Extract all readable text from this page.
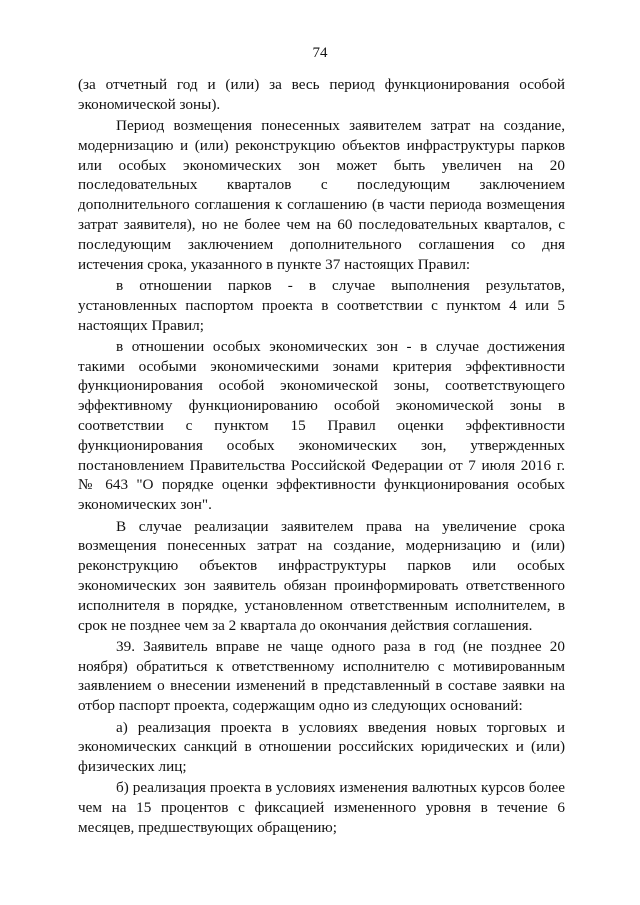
74

(за отчетный год и (или) за весь период функционирования особой экономической зоны).

Период возмещения понесенных заявителем затрат на создание, модернизацию и (или) реконструкцию объектов инфраструктуры парков или особых экономических зон может быть увеличен на 20 последовательных кварталов с последующим заключением дополнительного соглашения к соглашению (в части периода возмещения затрат заявителя), но не более чем на 60 последовательных кварталов, с последующим заключением дополнительного соглашения со дня истечения срока, указанного в пункте 37 настоящих Правил:

в отношении парков - в случае выполнения результатов, установленных паспортом проекта в соответствии с пунктом 4 или 5 настоящих Правил;

в отношении особых экономических зон - в случае достижения такими особыми экономическими зонами критерия эффективности функционирования особой экономической зоны, соответствующего эффективному функционированию особой экономической зоны в соответствии с пунктом 15 Правил оценки эффективности функционирования особых экономических зон, утвержденных постановлением Правительства Российской Федерации от 7 июля 2016 г. № 643 "О порядке оценки эффективности функционирования особых экономических зон".

В случае реализации заявителем права на увеличение срока возмещения понесенных затрат на создание, модернизацию и (или) реконструкцию объектов инфраструктуры парков или особых экономических зон заявитель обязан проинформировать ответственного исполнителя в порядке, установленном ответственным исполнителем, в срок не позднее чем за 2 квартала до окончания действия соглашения.

39. Заявитель вправе не чаще одного раза в год (не позднее 20 ноября) обратиться к ответственному исполнителю с мотивированным заявлением о внесении изменений в представленный в составе заявки на отбор паспорт проекта, содержащим одно из следующих оснований:

а) реализация проекта в условиях введения новых торговых и экономических санкций в отношении российских юридических и (или) физических лиц;

б) реализация проекта в условиях изменения валютных курсов более чем на 15 процентов с фиксацией измененного уровня в течение 6 месяцев, предшествующих обращению;
